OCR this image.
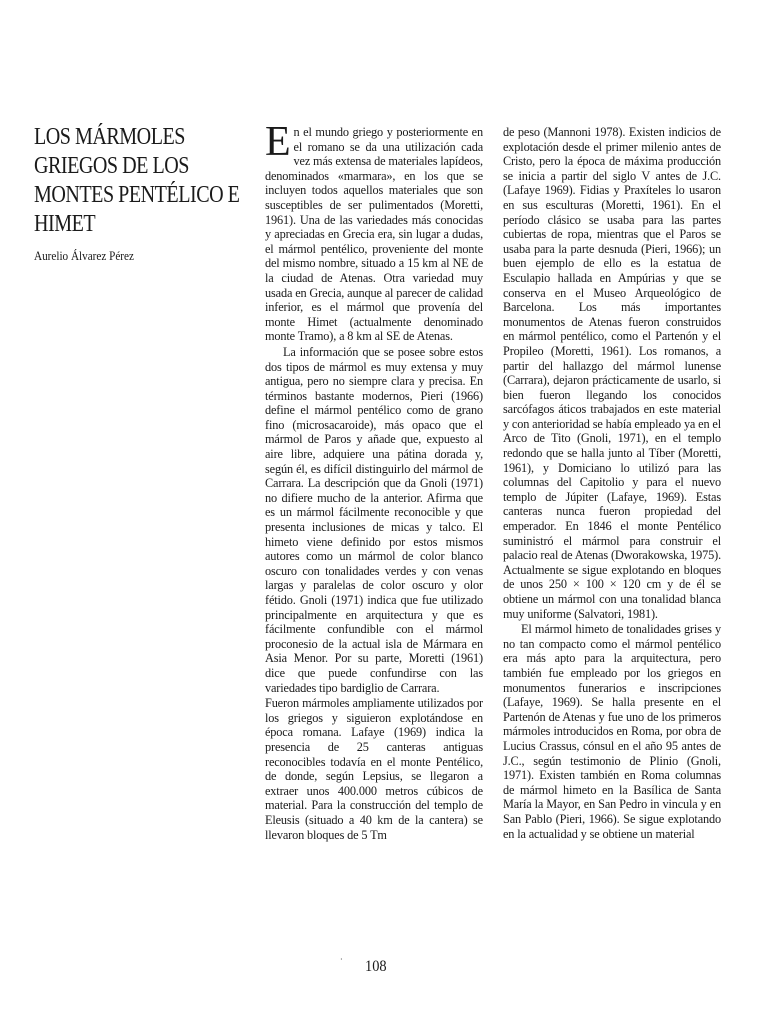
LOS MÁRMOLES
GRIEGOS DE LOS
MONTES PENTÉLICO E
HIMET
Aurelio Álvarez Pérez

En el mundo griego y posteriormente en el romano se da una utilización cada vez más extensa de materiales lapídeos, denominados «marmara», en los que se incluyen todos aquellos materiales que son susceptibles de ser pulimentados (Moretti, 1961). Una de las variedades más conocidas y apreciadas en Grecia era, sin lugar a dudas, el mármol pentélico, proveniente del monte del mismo nombre, situado a 15 km al NE de la ciudad de Atenas. Otra variedad muy usada en Grecia, aunque al parecer de calidad inferior, es el mármol que provenía del monte Himet (actualmente denominado monte Tramo), a 8 km al SE de Atenas.

La información que se posee sobre estos dos tipos de mármol es muy extensa y muy antigua, pero no siempre clara y precisa. En términos bastante modernos, Pieri (1966) define el mármol pentélico como de grano fino (microsacaroide), más opaco que el mármol de Paros y añade que, expuesto al aire libre, adquiere una pátina dorada y, según él, es difícil distinguirlo del mármol de Carrara. La descripción que da Gnoli (1971) no difiere mucho de la anterior. Afirma que es un mármol fácilmente reconocible y que presenta inclusiones de micas y talco. El himeto viene definido por estos mismos autores como un mármol de color blanco oscuro con tonalidades verdes y con venas largas y paralelas de color oscuro y olor fétido. Gnoli (1971) indica que fue utilizado principalmente en arquitectura y que es fácilmente confundible con el mármol proconesio de la actual isla de Mármara en Asia Menor. Por su parte, Moretti (1961) dice que puede confundirse con las variedades tipo bardiglio de Carrara.

Fueron mármoles ampliamente utilizados por los griegos y siguieron explotándose en época romana. Lafaye (1969) indica la presencia de 25 canteras antiguas reconocibles todavía en el monte Pentélico, de donde, según Lepsius, se llegaron a extraer unos 400.000 metros cúbicos de material. Para la construcción del templo de Eleusis (situado a 40 km de la cantera) se llevaron bloques de 5 Tm

de peso (Mannoni 1978). Existen indicios de explotación desde el primer milenio antes de Cristo, pero la época de máxima producción se inicia a partir del siglo V antes de J.C. (Lafaye 1969). Fidias y Praxíteles lo usaron en sus esculturas (Moretti, 1961). En el período clásico se usaba para las partes cubiertas de ropa, mientras que el Paros se usaba para la parte desnuda (Pieri, 1966); un buen ejemplo de ello es la estatua de Esculapio hallada en Ampúrias y que se conserva en el Museo Arqueológico de Barcelona. Los más importantes monumentos de Atenas fueron construidos en mármol pentélico, como el Partenón y el Propileo (Moretti, 1961). Los romanos, a partir del hallazgo del mármol lunense (Carrara), dejaron prácticamente de usarlo, si bien fueron llegando los conocidos sarcófagos áticos trabajados en este material y con anterioridad se había empleado ya en el Arco de Tito (Gnoli, 1971), en el templo redondo que se halla junto al Tíber (Moretti, 1961), y Domiciano lo utilizó para las columnas del Capitolio y para el nuevo templo de Júpiter (Lafaye, 1969). Estas canteras nunca fueron propiedad del emperador. En 1846 el monte Pentélico suministró el mármol para construir el palacio real de Atenas (Dworakowska, 1975). Actualmente se sigue explotando en bloques de unos 250 × 100 × 120 cm y de él se obtiene un mármol con una tonalidad blanca muy uniforme (Salvatori, 1981).

El mármol himeto de tonalidades grises y no tan compacto como el mármol pentélico era más apto para la arquitectura, pero también fue empleado por los griegos en monumentos funerarios e inscripciones (Lafaye, 1969). Se halla presente en el Partenón de Atenas y fue uno de los primeros mármoles introducidos en Roma, por obra de Lucius Crassus, cónsul en el año 95 antes de J.C., según testimonio de Plinio (Gnoli, 1971). Existen también en Roma columnas de mármol himeto en la Basílica de Santa María la Mayor, en San Pedro in vincula y en San Pablo (Pieri, 1966). Se sigue explotando en la actualidad y se obtiene un material

· 108
